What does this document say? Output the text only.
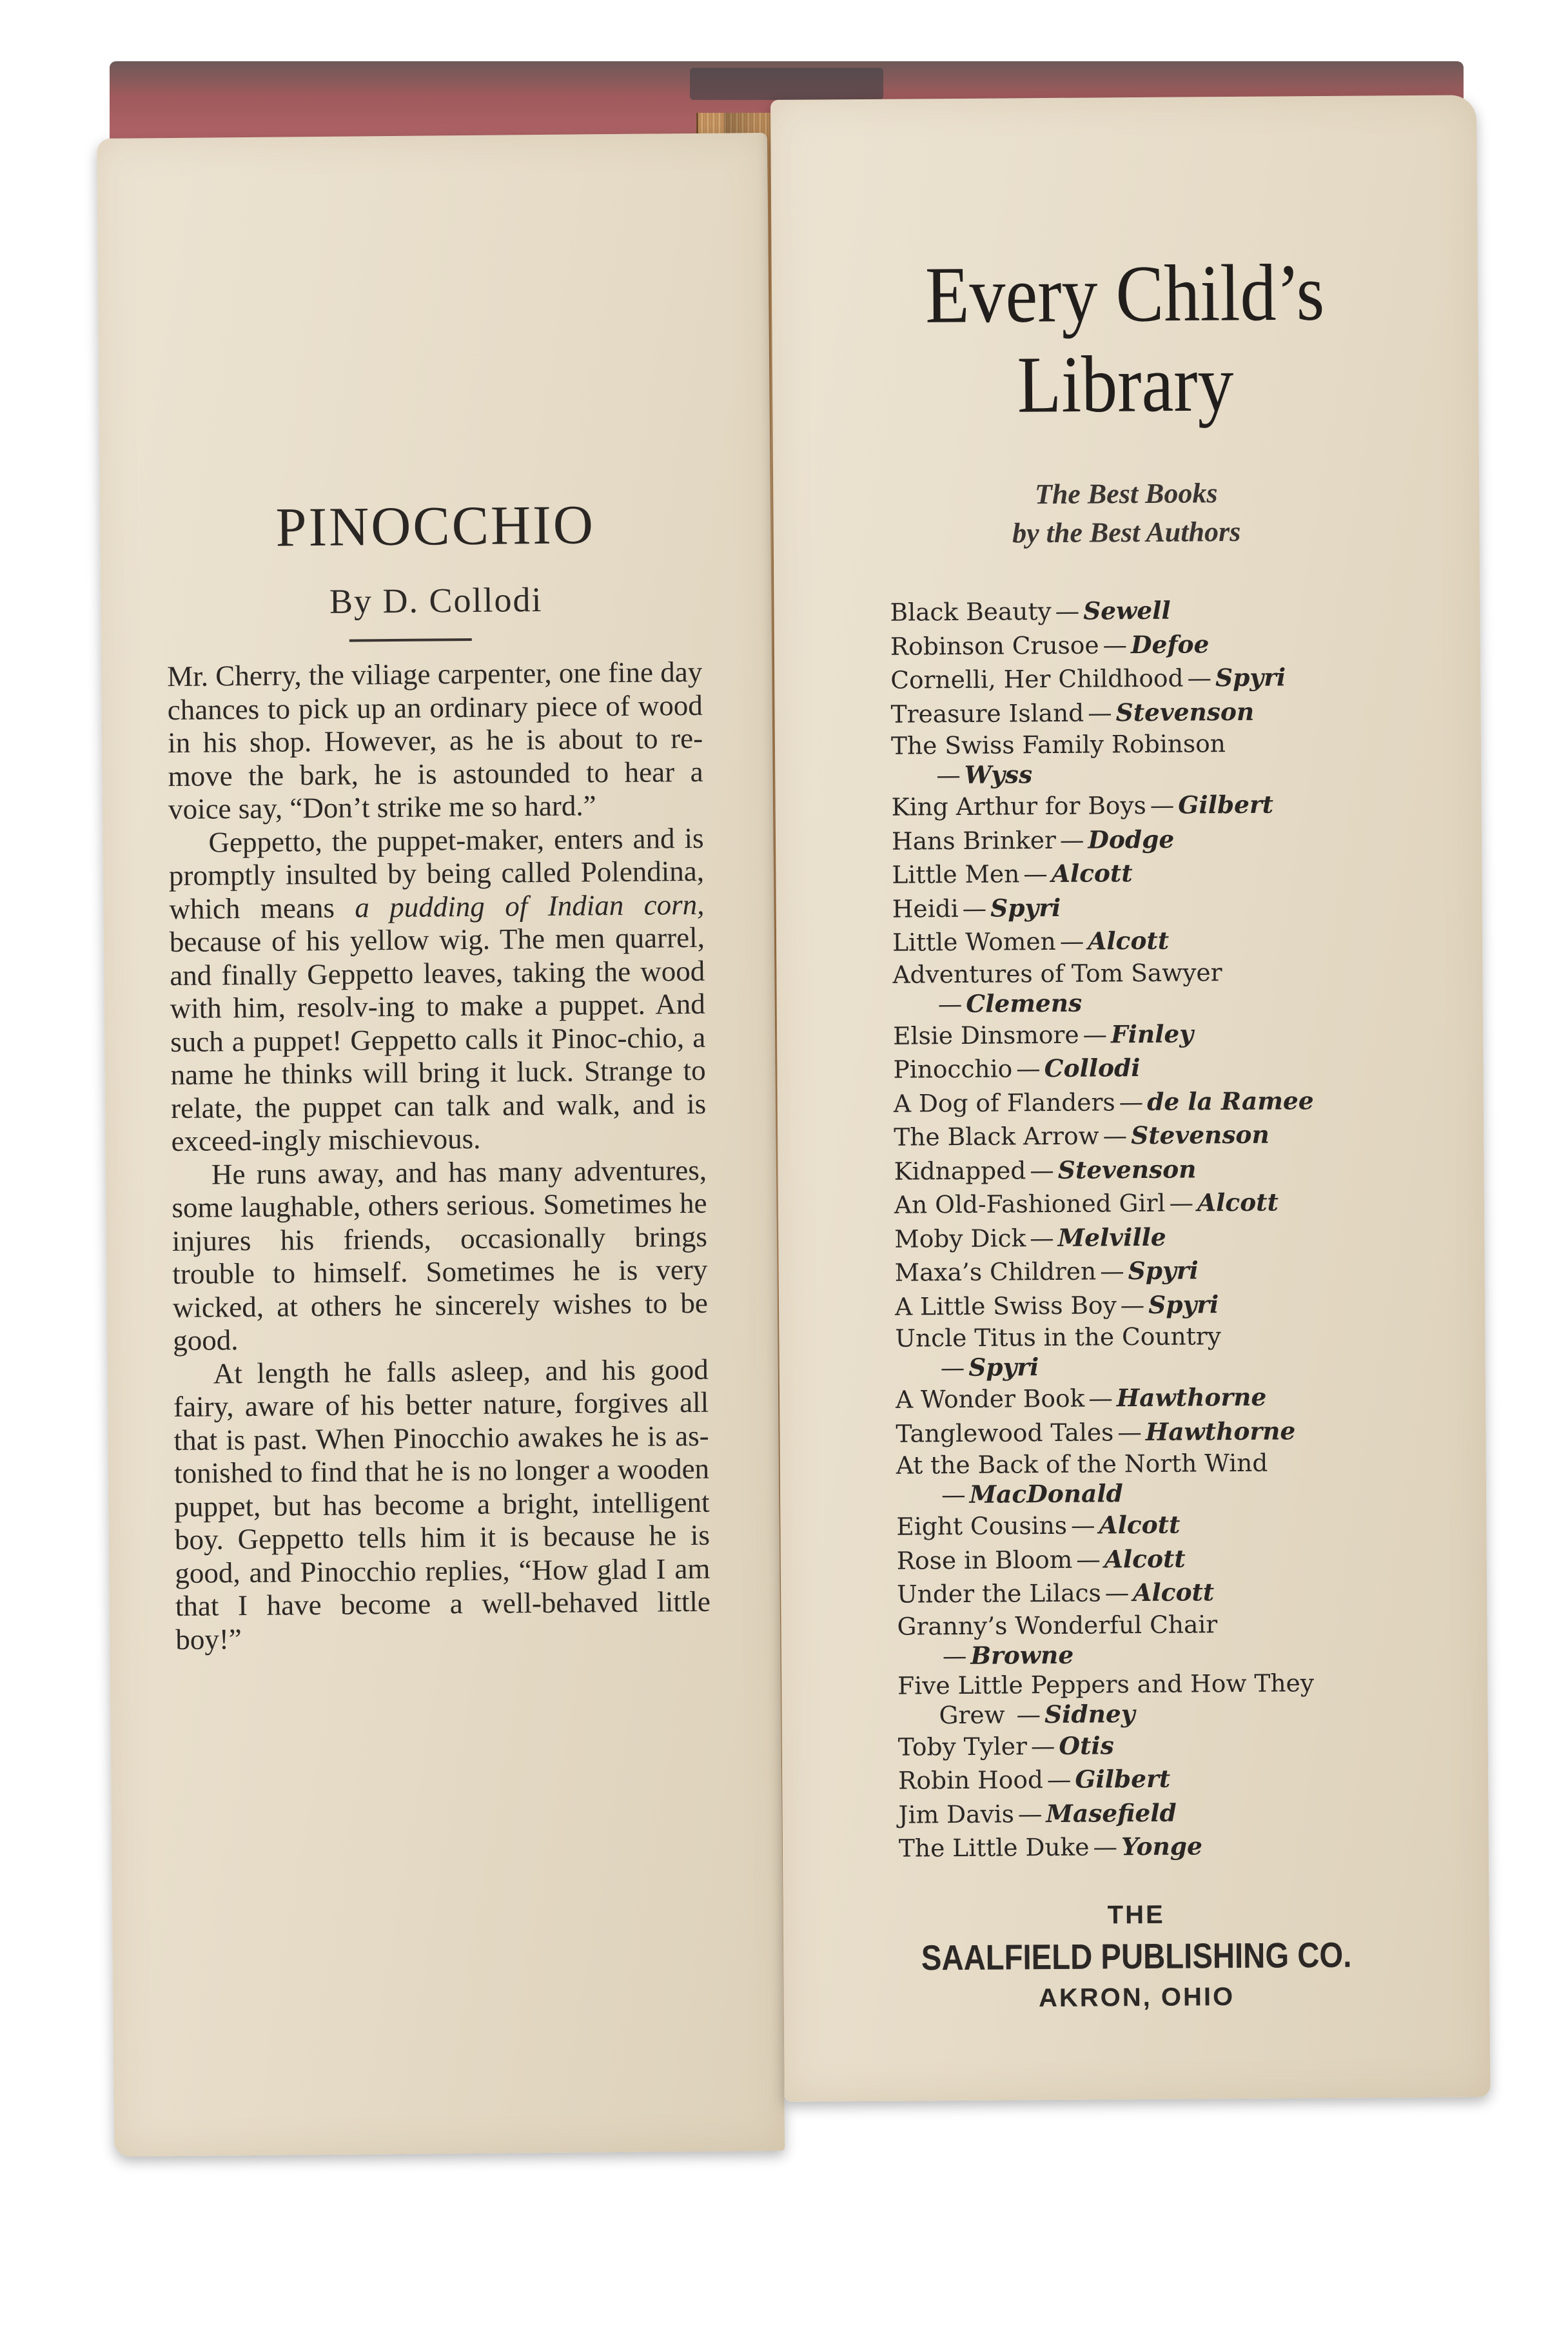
PINOCCHIO
By D. Collodi

Mr. Cherry, the viliage carpenter, one fine day chances to pick up an ordinary piece of wood in his shop. However, as he is about to re-move the bark, he is astounded to hear a voice say, “Don’t strike me so hard.”

Geppetto, the puppet-maker, enters and is promptly insulted by being called Polendina, which means a pudding of Indian corn, because of his yellow wig. The men quarrel, and finally Geppetto leaves, taking the wood with him, resolv-ing to make a puppet. And such a puppet! Geppetto calls it Pinoc-chio, a name he thinks will bring it luck. Strange to relate, the puppet can talk and walk, and is exceed-ingly mischievous.

He runs away, and has many adventures, some laughable, others serious. Sometimes he injures his friends, occasionally brings trouble to himself. Sometimes he is very wicked, at others he sincerely wishes to be good.

At length he falls asleep, and his good fairy, aware of his better nature, forgives all that is past. When Pinocchio awakes he is as-tonished to find that he is no longer a wooden puppet, but has become a bright, intelligent boy. Geppetto tells him it is because he is good, and Pinocchio replies, “How glad I am that I have become a well-behaved little boy!”

Every Child’s
Library
The Best Books
by the Best Authors
Black Beauty — Sewell
Robinson Crusoe — Defoe
Cornelli, Her Childhood — Spyri
Treasure Island — Stevenson
The Swiss Family Robinson
— Wyss
King Arthur for Boys — Gilbert
Hans Brinker — Dodge
Little Men — Alcott
Heidi — Spyri
Little Women — Alcott
Adventures of Tom Sawyer
— Clemens
Elsie Dinsmore — Finley
Pinocchio — Collodi
A Dog of Flanders — de la Ramee
The Black Arrow — Stevenson
Kidnapped — Stevenson
An Old-Fashioned Girl — Alcott
Moby Dick — Melville
Maxa’s Children — Spyri
A Little Swiss Boy — Spyri
Uncle Titus in the Country
— Spyri
A Wonder Book — Hawthorne
Tanglewood Tales — Hawthorne
At the Back of the North Wind
— MacDonald
Eight Cousins — Alcott
Rose in Bloom — Alcott
Under the Lilacs — Alcott
Granny’s Wonderful Chair
— Browne
Five Little Peppers and How They
Grew — Sidney
Toby Tyler — Otis
Robin Hood — Gilbert
Jim Davis — Masefield
The Little Duke — Yonge
THE
SAALFIELD PUBLISHING CO.
AKRON, OHIO
